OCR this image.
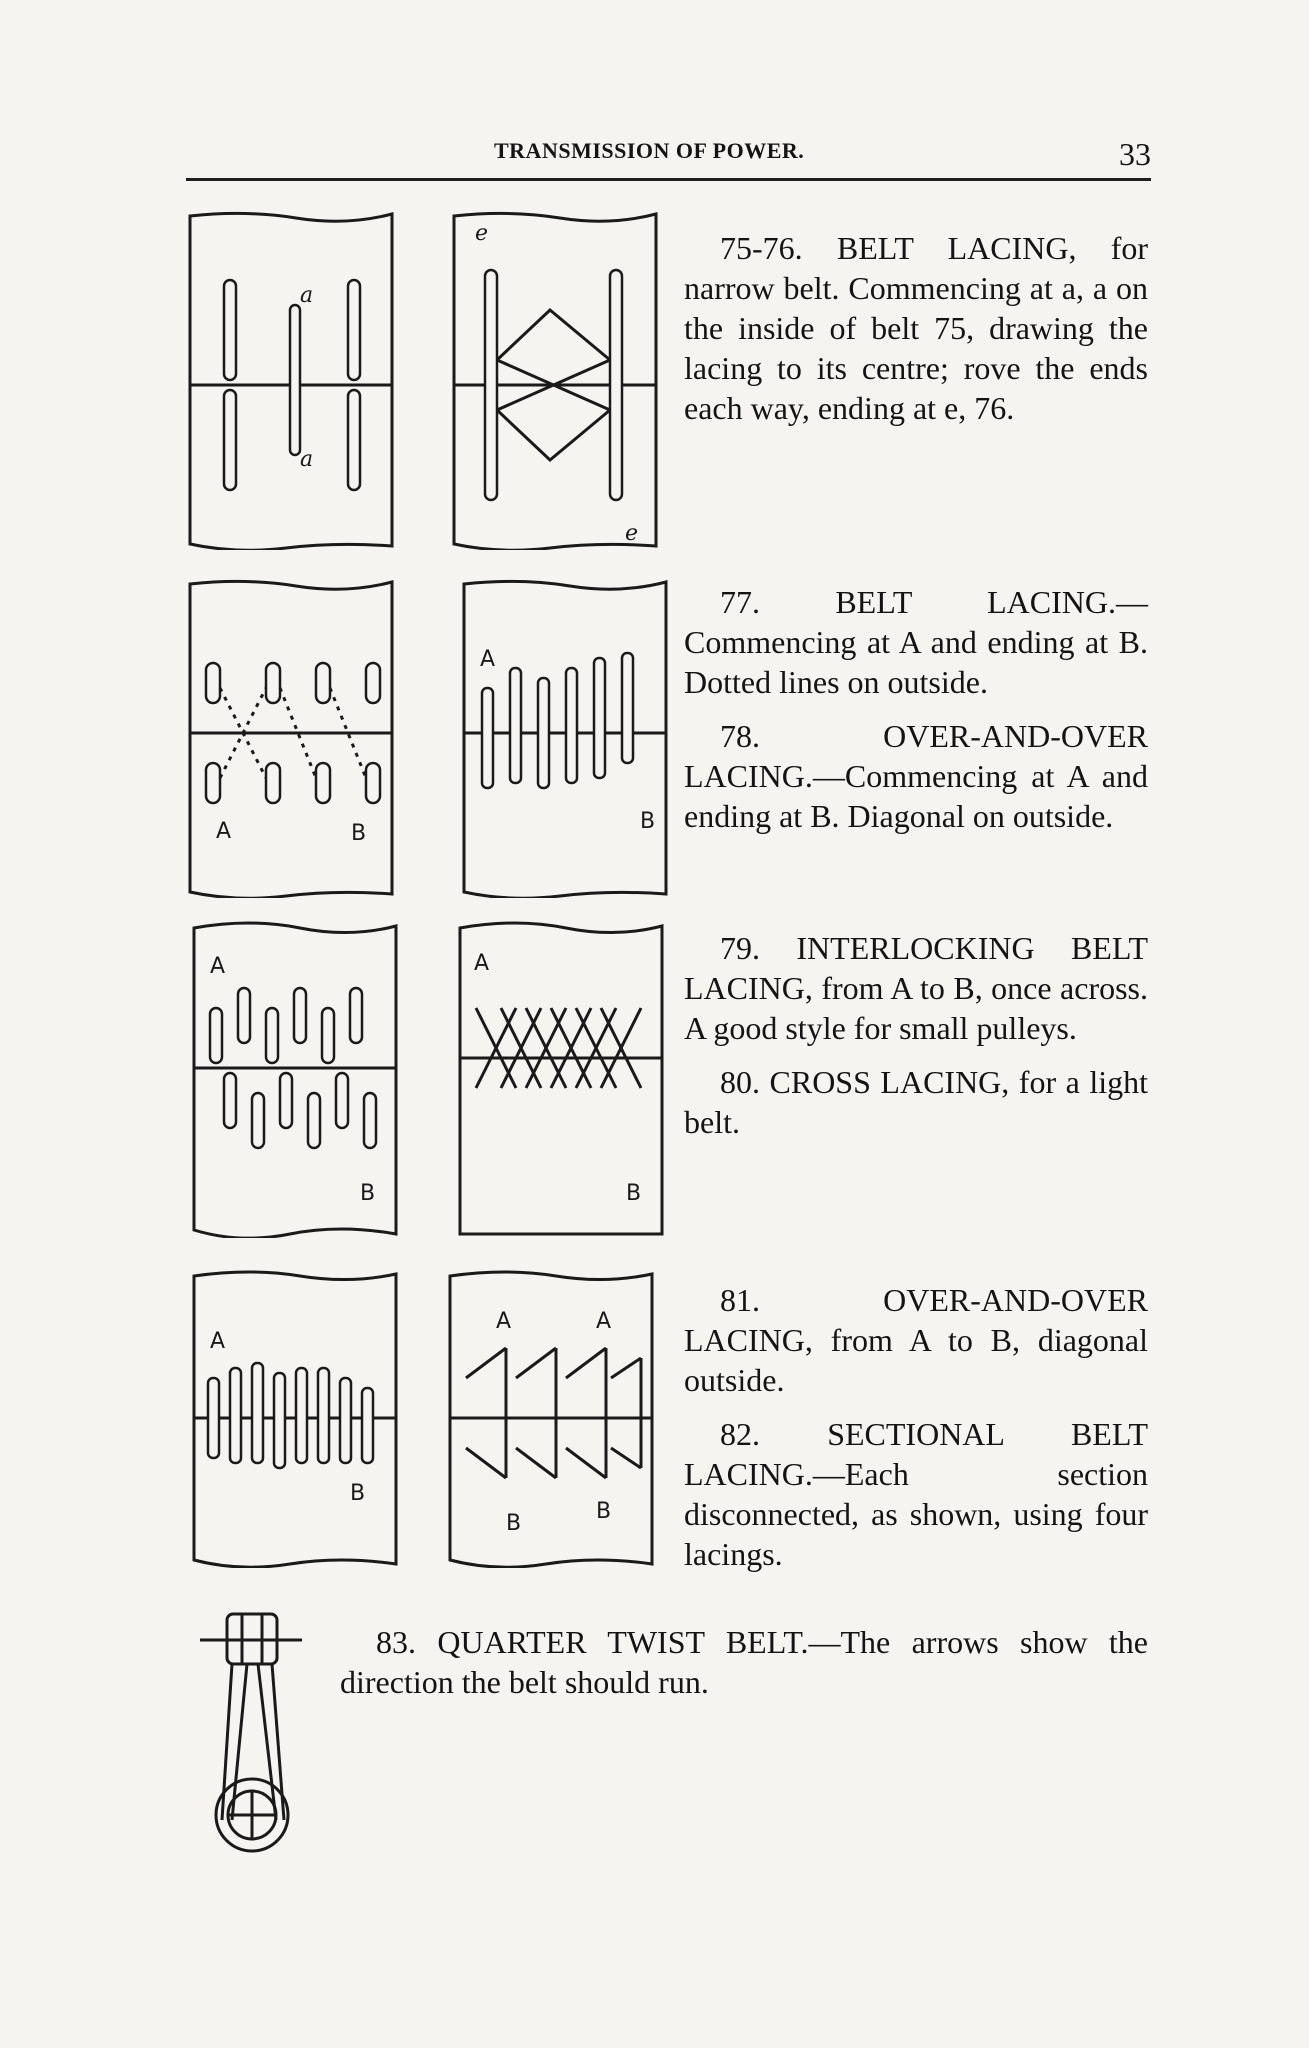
TRANSMISSION OF POWER.	33
a
a
e
e

75-76. BELT LACING, for narrow belt. Commencing at a, a on the inside of belt 75, drawing the lacing to its centre; rove the ends each way, ending at e, 76.

A	B
A
B

77. BELT LACING.—Commencing at A and ending at B. Dotted lines on outside.

78. OVER-AND-OVER LACING.—Commencing at A and ending at B. Diagonal on outside.

A
B
A
B

79. INTERLOCKING BELT LACING, from A to B, once across. A good style for small pulleys.

80. CROSS LACING, for a light belt.

A
B
A	A
B	B

81. OVER-AND-OVER LACING, from A to B, diagonal outside.

82. SECTIONAL BELT LACING.—Each section disconnected, as shown, using four lacings.

83. QUARTER TWIST BELT.—The arrows show the direction the belt should run.
